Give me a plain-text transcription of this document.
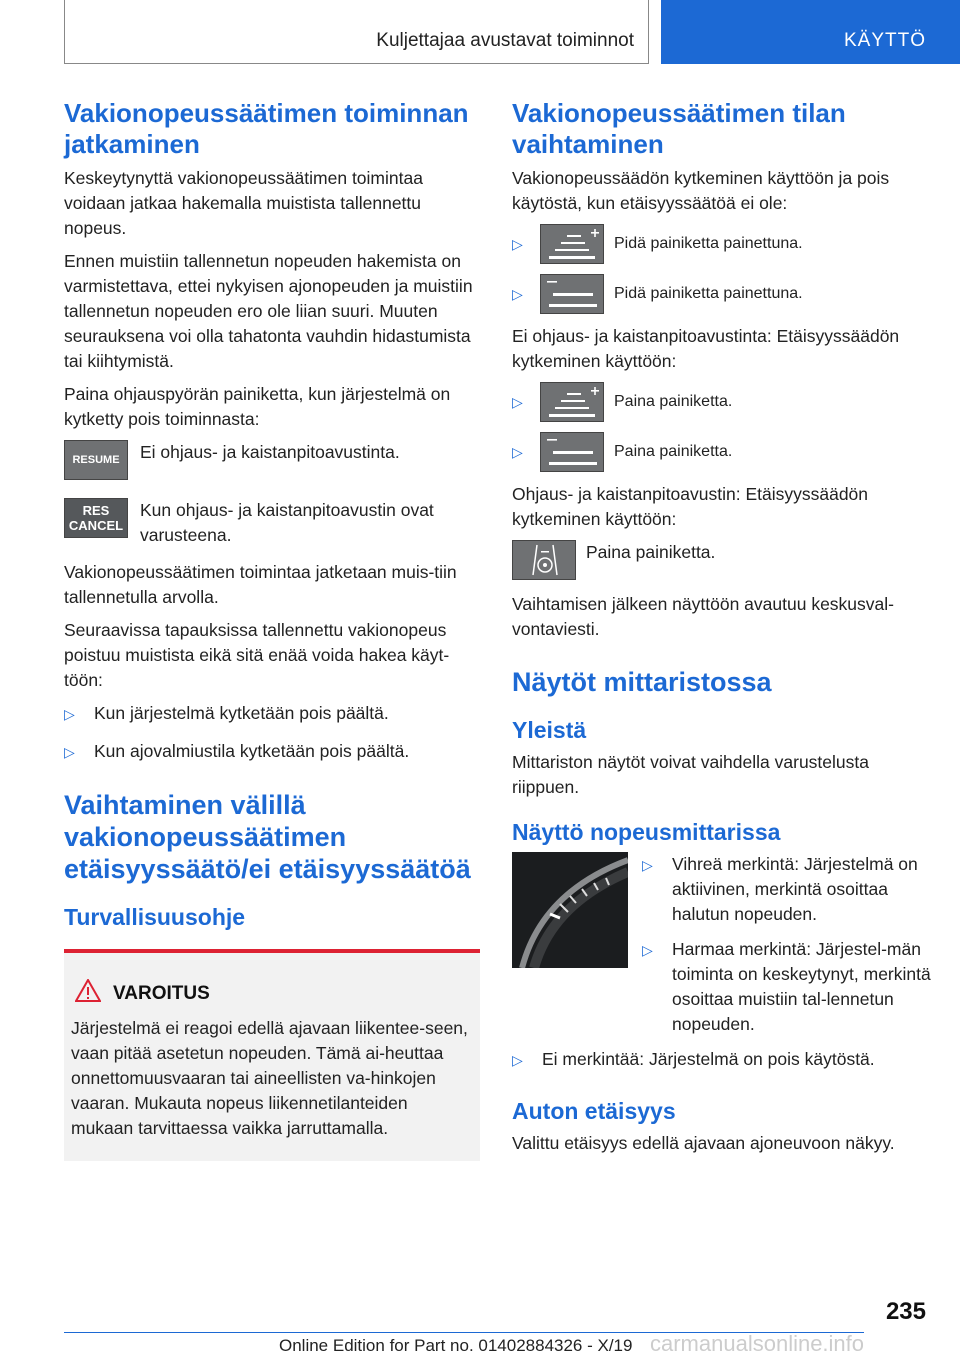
Kuljettajaa avustavat toiminnot	KÄYTTÖ
Vakionopeussäätimen toiminnan jatkaminen

Keskeytynyttä vakionopeussäätimen toimintaa voidaan jatkaa hakemalla muistista tallennettu nopeus.

Ennen muistiin tallennetun nopeuden hakemista on varmistettava, ettei nykyisen ajonopeuden ja muistiin tallennetun nopeuden ero ole liian suuri. Muuten seurauksena voi olla tahatonta vauhdin hidastumista tai kiihtymistä.

Paina ohjauspyörän painiketta, kun järjestelmä on kytketty pois toiminnasta:

RESUME	Ei ohjaus- ja kaistanpitoavustinta.
RES CANCEL
Kun ohjaus- ja kaistanpitoavustin ovat varusteena.

Vakionopeussäätimen toimintaa jatketaan muis-tiin tallennetulla arvolla.

Seuraavissa tapauksissa tallennettu vakionopeus poistuu muistista eikä sitä enää voida hakea käyt-töön:

▷	Kun järjestelmä kytketään pois päältä.
▷	Kun ajovalmiustila kytketään pois päältä.
Vaihtaminen välillä vakionopeussäätimen etäisyyssäätö/ei etäisyyssäätöä
Turvallisuusohje
VAROITUS

Järjestelmä ei reagoi edellä ajavaan liikentee-seen, vaan pitää asetetun nopeuden. Tämä ai-heuttaa onnettomuusvaaran tai aineellisten va-hinkojen vaaran. Mukauta nopeus liikennetilanteiden mukaan tarvittaessa vaikka jarruttamalla.

Vakionopeussäätimen tilan vaihtaminen

Vakionopeussäädön kytkeminen käyttöön ja pois käytöstä, kun etäisyyssäätöä ei ole:

▷	Pidä painiketta painettuna.
▷	Pidä painiketta painettuna.

Ei ohjaus- ja kaistanpitoavustinta: Etäisyyssäädön kytkeminen käyttöön:

▷	Paina painiketta.
▷	Paina painiketta.

Ohjaus- ja kaistanpitoavustin: Etäisyyssäädön kytkeminen käyttöön:

Paina painiketta.

Vaihtamisen jälkeen näyttöön avautuu keskusval-vontaviesti.

Näytöt mittaristossa
Yleistä

Mittariston näytöt voivat vaihdella varustelusta riippuen.

Näyttö nopeusmittarissa
▷	Vihreä merkintä: Järjestelmä on aktiivinen, merkintä osoittaa halutun nopeuden.
▷	Harmaa merkintä: Järjestel-män toiminta on keskeytynyt, merkintä osoittaa muistiin tal-lennetun nopeuden.
▷	Ei merkintää: Järjestelmä on pois käytöstä.
Auton etäisyys

Valittu etäisyys edellä ajavaan ajoneuvoon näkyy.

235
carmanualsonline.info
Online Edition for Part no. 01402884326 - X/19
